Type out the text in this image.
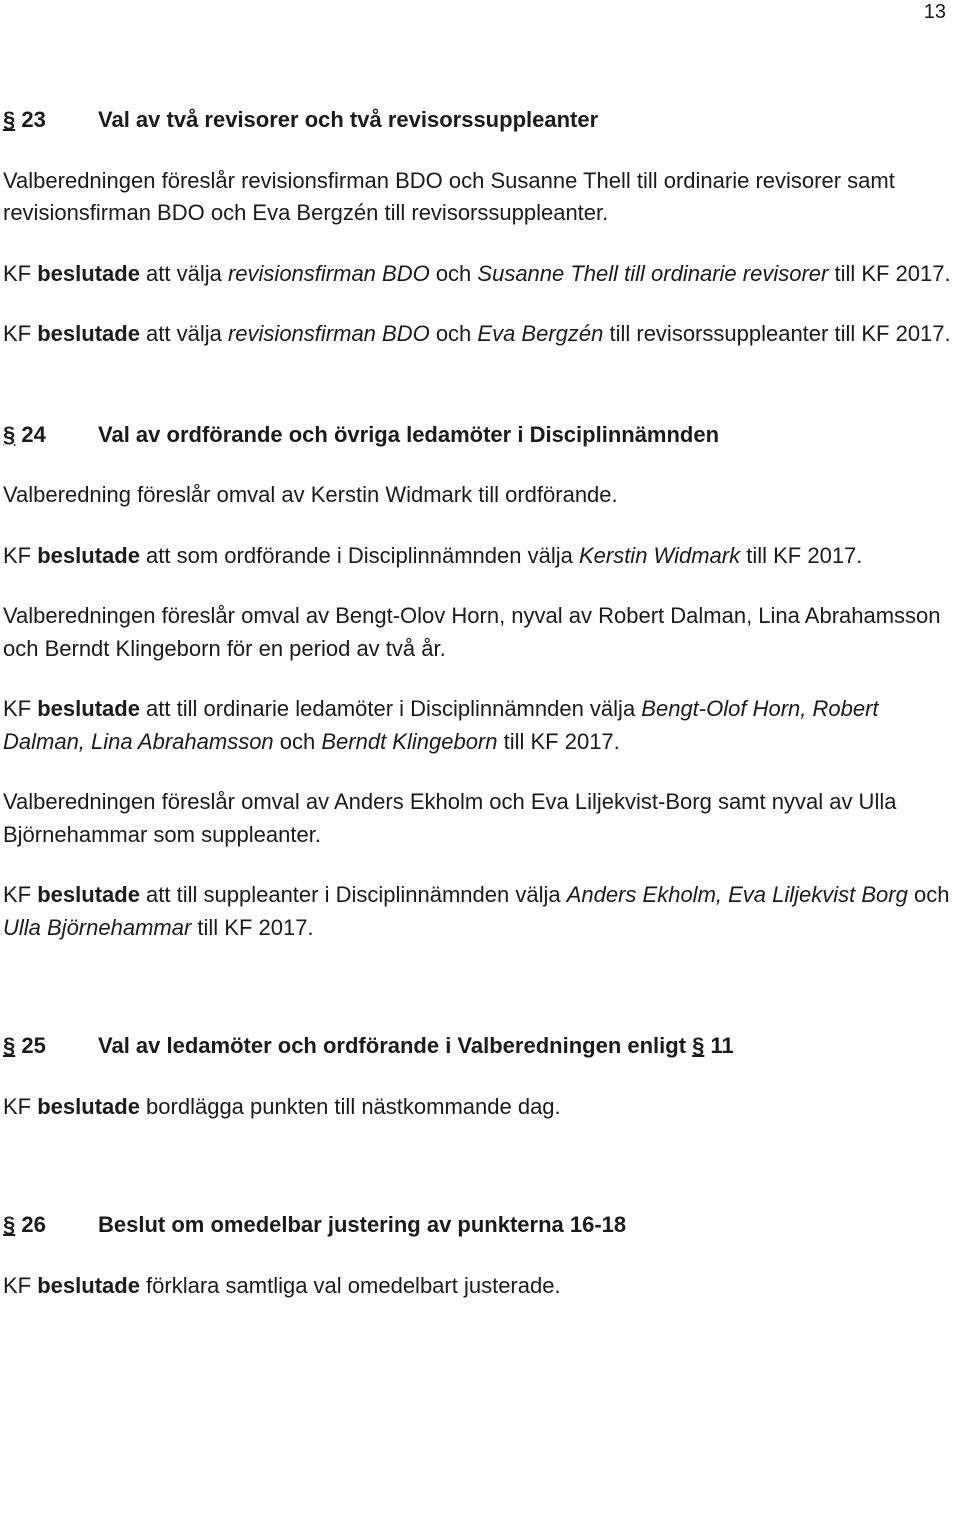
13
§ 23	Val av två revisorer och två revisorssuppleanter

Valberedningen föreslår revisionsfirman BDO och Susanne Thell till ordinarie revisorer samt revisionsfirman BDO och Eva Bergzén till revisorssuppleanter.

KF beslutade att välja revisionsfirman BDO och Susanne Thell till ordinarie revisorer till KF 2017.

KF beslutade att välja revisionsfirman BDO och Eva Bergzén till revisorssuppleanter till KF 2017.

§ 24	Val av ordförande och övriga ledamöter i Disciplinnämnden

Valberedning föreslår omval av Kerstin Widmark till ordförande.

KF beslutade att som ordförande i Disciplinnämnden välja Kerstin Widmark till KF 2017.

Valberedningen föreslår omval av Bengt-Olov Horn, nyval av Robert Dalman, Lina Abrahamsson och Berndt Klingeborn för en period av två år.

KF beslutade att till ordinarie ledamöter i Disciplinnämnden välja Bengt-Olof Horn, Robert Dalman, Lina Abrahamsson och Berndt Klingeborn till KF 2017.

Valberedningen föreslår omval av Anders Ekholm och Eva Liljekvist-Borg samt nyval av Ulla Björnehammar som suppleanter.

KF beslutade att till suppleanter i Disciplinnämnden välja Anders Ekholm, Eva Liljekvist Borg och Ulla Björnehammar till KF 2017.

§ 25	Val av ledamöter och ordförande i Valberedningen enligt § 11

KF beslutade bordlägga punkten till nästkommande dag.

§ 26	Beslut om omedelbar justering av punkterna 16-18

KF beslutade förklara samtliga val omedelbart justerade.
